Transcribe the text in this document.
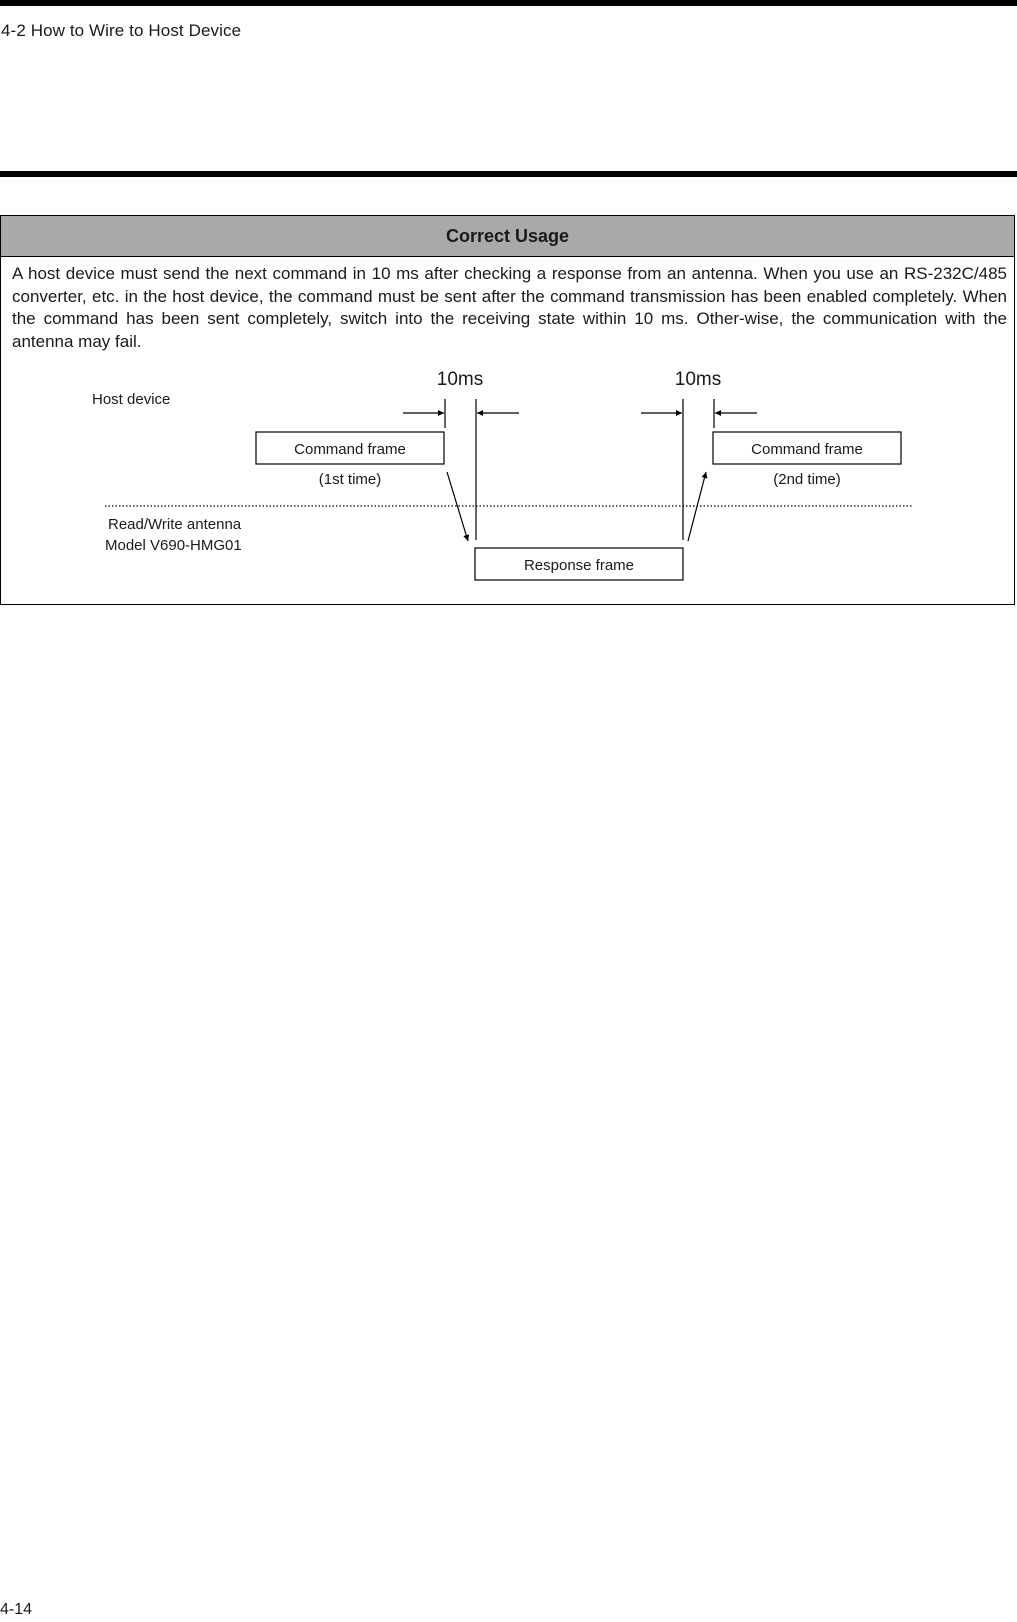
4-2 How to Wire to Host Device
Correct Usage
A host device must send the next command in 10 ms after checking a response from an antenna. When you use an RS-232C/485 converter, etc. in the host device, the command must be sent after the command transmission has been enabled completely. When the command has been sent completely, switch into the receiving state within 10 ms. Other-wise, the communication with the antenna may fail.
Host device
Read/Write antenna
Model V690-HMG01
Command frame
(1st time)
Command frame
(2nd time)
Response frame
10ms	10ms
4-14
